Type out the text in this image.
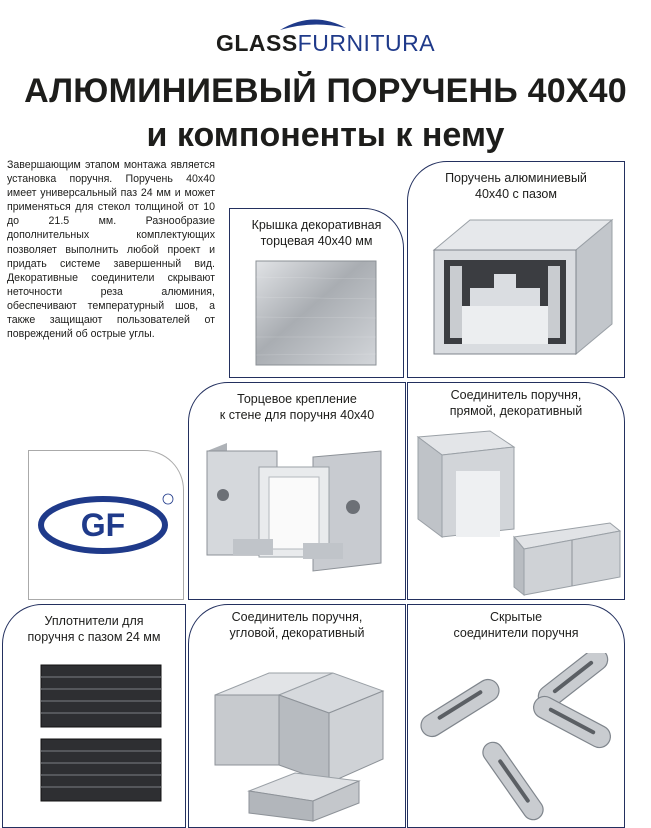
GLASSFURNITURA
АЛЮМИНИЕВЫЙ ПОРУЧЕНЬ 40X40
и компоненты к нему
Завершающим этапом монтажа является установка поручня. Поручень 40x40 имеет универсальный паз 24 мм и может применяться для стекол толщиной от 10 до 21.5 мм. Разнообразие дополнительных комплектующих позволяет выполнить любой проект и придать системе завершенный вид. Декоративные соединители скрывают неточности реза алюминия, обеспечивают температурный шов, а также защищают пользователей от повреждений об острые углы.
Крышка декоративная
торцевая 40x40 мм
Поручень алюминиевый
40x40 с пазом
Торцевое крепление
к стене для поручня 40x40
Соединитель поручня,
прямой, декоративный
GF
Уплотнители для
поручня с пазом 24 мм
Соединитель поручня,
угловой, декоративный
Скрытые
соединители поручня
